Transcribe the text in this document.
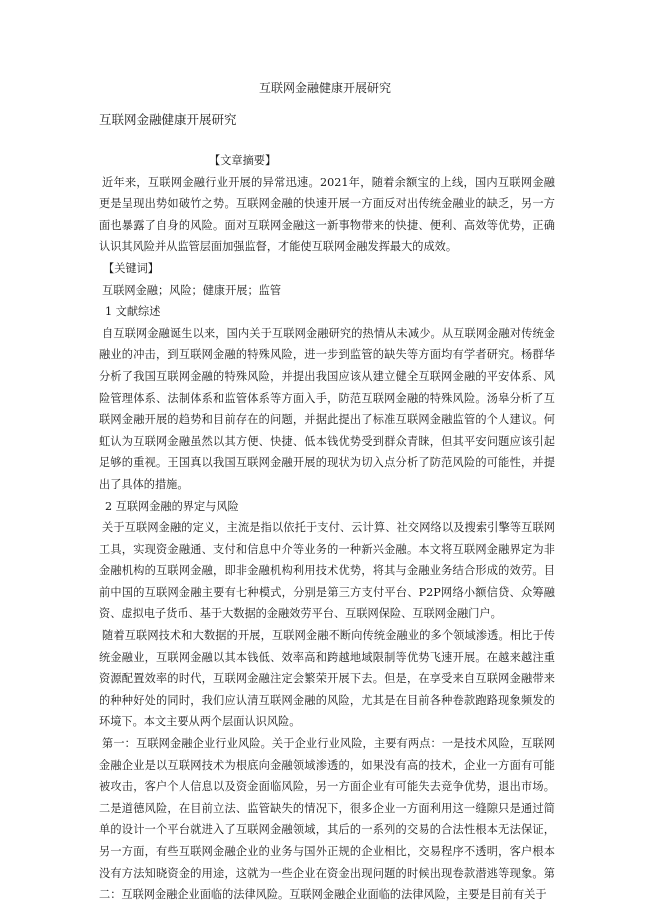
互联网金融健康开展研究
互联网金融健康开展研究

【文章摘要】

近年来，互联网金融行业开展的异常迅速。2021年，随着余额宝的上线，国内互联网金融更是呈现出势如破竹之势。互联网金融的快速开展一方面反对出传统金融业的缺乏，另一方面也暴露了自身的风险。面对互联网金融这一新事物带来的快捷、便利、高效等优势，正确认识其风险并从监管层面加强监督，才能使互联网金融发挥最大的成效。

【关键词】

互联网金融；风险；健康开展；监管

1 文献综述

自互联网金融诞生以来，国内关于互联网金融研究的热情从未减少。从互联网金融对传统金融业的冲击，到互联网金融的特殊风险，进一步到监管的缺失等方面均有学者研究。杨群华分析了我国互联网金融的特殊风险，并提出我国应该从建立健全互联网金融的平安体系、风险管理体系、法制体系和监管体系等方面入手，防范互联网金融的特殊风险。汤皋分析了互联网金融开展的趋势和目前存在的问题，并据此提出了标准互联网金融监管的个人建议。何虹认为互联网金融虽然以其方便、快捷、低本钱优势受到群众青睐，但其平安问题应该引起足够的重视。王国真以我国互联网金融开展的现状为切入点分析了防范风险的可能性，并提出了具体的措施。

2 互联网金融的界定与风险

关于互联网金融的定义，主流是指以依托于支付、云计算、社交网络以及搜索引擎等互联网工具，实现资金融通、支付和信息中介等业务的一种新兴金融。本文将互联网金融界定为非金融机构的互联网金融，即非金融机构利用技术优势，将其与金融业务结合形成的效劳。目前中国的互联网金融主要有七种模式，分别是第三方支付平台、P2P网络小额信贷、众筹融资、虚拟电子货币、基于大数据的金融效劳平台、互联网保险、互联网金融门户。

随着互联网技术和大数据的开展，互联网金融不断向传统金融业的多个领域渗透。相比于传统金融业，互联网金融以其本钱低、效率高和跨越地域限制等优势飞速开展。在越来越注重资源配置效率的时代，互联网金融注定会繁荣开展下去。但是，在享受来自互联网金融带来的种种好处的同时，我们应认清互联网金融的风险，尤其是在目前各种卷款跑路现象频发的环境下。本文主要从两个层面认识风险。

第一：互联网金融企业行业风险。关于企业行业风险，主要有两点：一是技术风险，互联网金融企业是以互联网技术为根底向金融领域渗透的，如果没有高的技术，企业一方面有可能被攻击，客户个人信息以及资金面临风险，另一方面企业有可能失去竞争优势，退出市场。二是道德风险，在目前立法、监管缺失的情况下，很多企业一方面利用这一缝隙只是通过简单的设计一个平台就进入了互联网金融领域，其后的一系列的交易的合法性根本无法保证，另一方面，有些互联网金融企业的业务与国外正规的企业相比，交易程序不透明，客户根本没有方法知晓资金的用途，这就为一些企业在资金出现问题的时候出现卷款潜逃等现象。第二：互联网金融企业面临的法律风险。互联网金融企业面临的法律风险，主要是目前有关于
